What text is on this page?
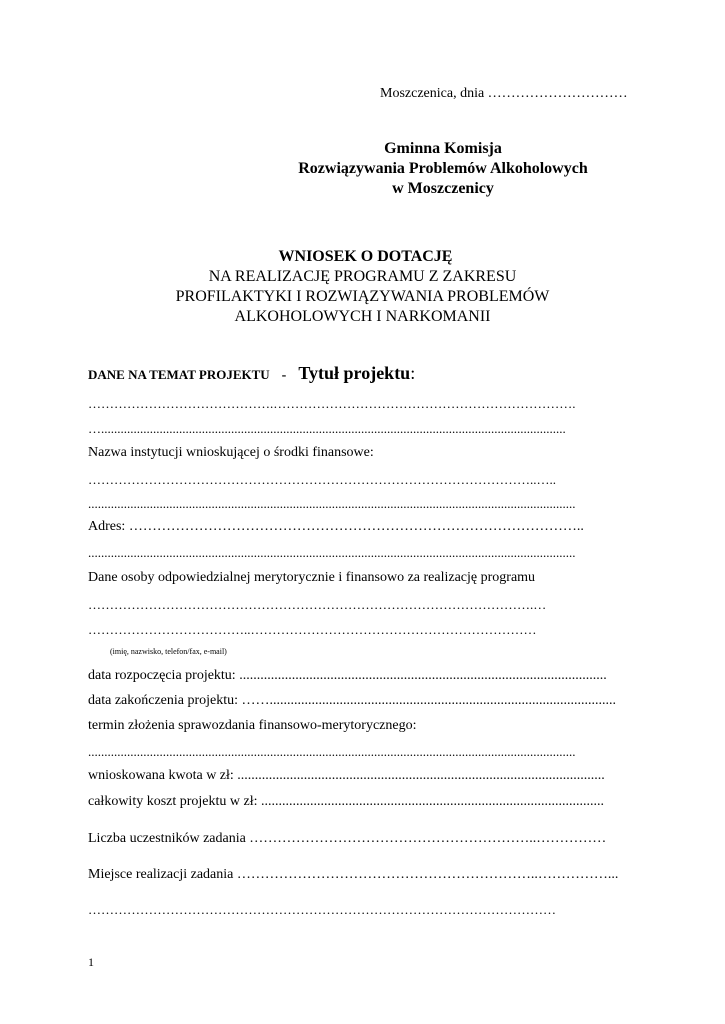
Moszczenica, dnia …………………………
Gminna Komisja
Rozwiązywania Problemów Alkoholowych
w Moszczenicy
WNIOSEK O DOTACJĘ
NA REALIZACJĘ PROGRAMU Z ZAKRESU
PROFILAKTYKI I ROZWIĄZYWANIA PROBLEMÓW
ALKOHOLOWYCH I NARKOMANII
DANE NA TEMAT PROJEKTU - Tytuł projektu:
…………………………………….…………………………………………………………….
…...............................................................................................................................................
Nazwa instytucji wnioskującej o środki finansowe:
…………………………………………………………………………………………..…..
......................................................................................................................................................
Adres: ……………………………………………………………………………………..
......................................................................................................................................................
Dane osoby odpowiedzialnej merytorycznie i finansowo za realizację programu
………………………………………………………………………………………….…
………………………………..…………………………………………………………
(imię, nazwisko, telefon/fax, e-mail)
data rozpoczęcia projektu: .........................................................................................................
data zakończenia projektu: ……...................................................................................................
termin złożenia sprawozdania finansowo-merytorycznego:
......................................................................................................................................................
wnioskowana kwota w zł: .........................................................................................................
całkowity koszt projektu w zł: ..................................................................................................
Liczba uczestników zadania ……………………………………………………..……………
Miejsce realizacji zadania ………………………………………………………..……………...
………………………………………………………………………………………………
1
